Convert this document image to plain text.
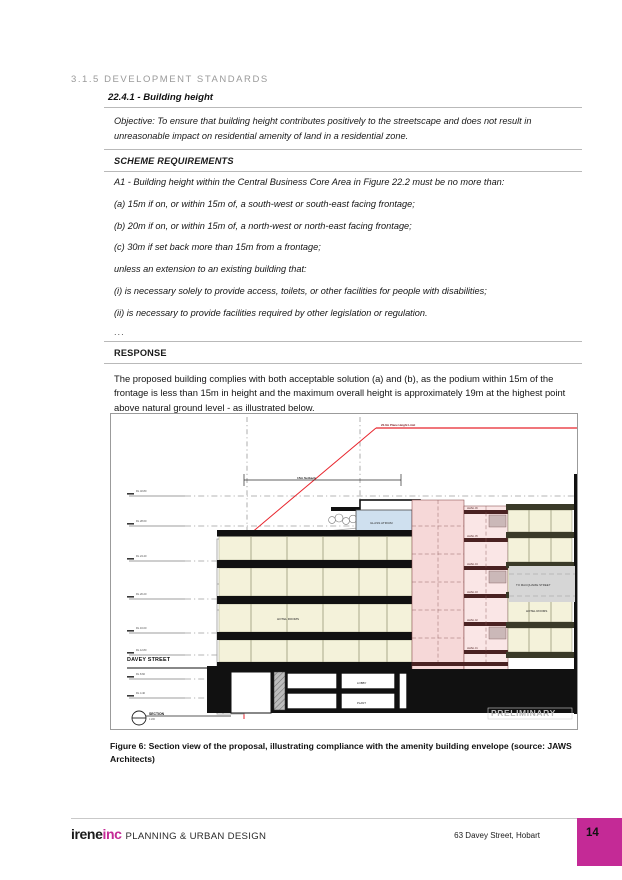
3.1.5 DEVELOPMENT STANDARDS
22.4.1 - Building height

Objective: To ensure that building height contributes positively to the streetscape and does not result in unreasonable impact on residential amenity of land in a residential zone.

SCHEME REQUIREMENTS
A1 - Building height within the Central Business Core Area in Figure 22.2 must be no more than:
(a) 15m if on, or within 15m of, a south-west or south-east facing frontage;
(b) 20m if on, or within 15m of, a north-west or north-east facing frontage;
(c) 30m if set back more than 15m from a frontage;
unless an extension to an existing building that:
(i) is necessary solely to provide access, toilets, or other facilities for people with disabilities;
(ii) is necessary to provide facilities required by other legislation or regulation.
...
RESPONSE
The proposed building complies with both acceptable solution (a) and (b), as the podium within 15m of the frontage is less than 15m in height and the maximum overall height is approximately 19m at the highest point above natural ground level - as illustrated below.
RL 32.80
RL 28.60
RL 24.40
RL 20.20
RL 16.00
RL 12.80
RL 8.60
RL 4.40
20.0m Plane Height Limit
15m Setback
GLASS ATRIUM
HOTEL ROOMS
LEVEL 06
LEVEL 05
LEVEL 04
LEVEL 03
LEVEL 02
LEVEL 01
HOTEL ROOMS
LOBBY
PLANT
DAVEY STREET
TO MACQUARIE STREET
SECTION
1:200
PRELIMINARY
Figure 6: Section view of the proposal, illustrating compliance with the amenity building envelope (source: JAWS Architects)
ireneinc PLANNING & URBAN DESIGN	63 Davey Street, Hobart	14
